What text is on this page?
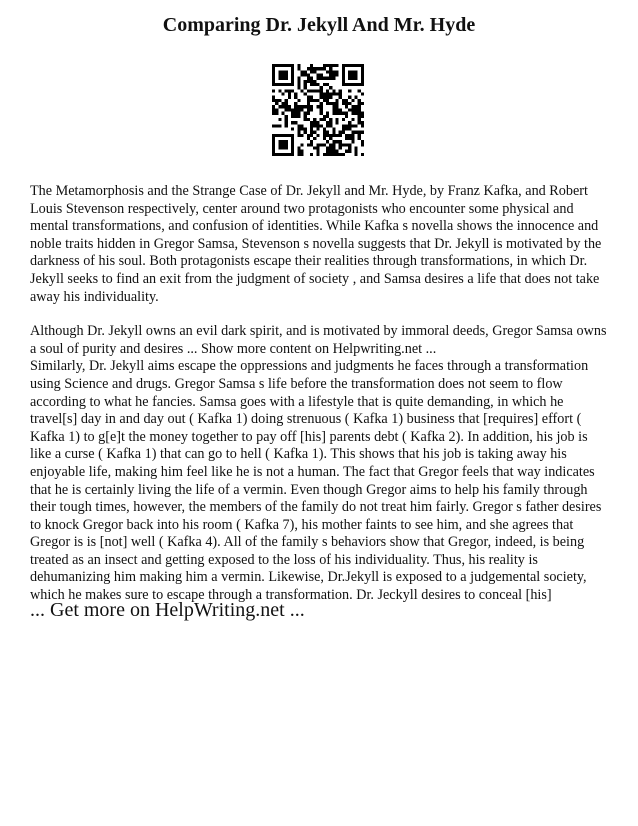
Comparing Dr. Jekyll And Mr. Hyde

The Metamorphosis and the Strange Case of Dr. Jekyll and Mr. Hyde, by Franz Kafka, and Robert Louis Stevenson respectively, center around two protagonists who encounter some physical and mental transformations, and confusion of identities. While Kafka s novella shows the innocence and noble traits hidden in Gregor Samsa, Stevenson s novella suggests that Dr. Jekyll is motivated by the darkness of his soul. Both protagonists escape their realities through transformations, in which Dr. Jekyll seeks to find an exit from the judgment of society , and Samsa desires a life that does not take away his individuality.

Although Dr. Jekyll owns an evil dark spirit, and is motivated by immoral deeds, Gregor Samsa owns a soul of purity and desires ... Show more content on Helpwriting.net ...

Similarly, Dr. Jekyll aims escape the oppressions and judgments he faces through a transformation using Science and drugs. Gregor Samsa s life before the transformation does not seem to flow according to what he fancies. Samsa goes with a lifestyle that is quite demanding, in which he travel[s] day in and day out ( Kafka 1) doing strenuous ( Kafka 1) business that [requires] effort ( Kafka 1) to g[e]t the money together to pay off [his] parents debt ( Kafka 2). In addition, his job is like a curse ( Kafka 1) that can go to hell ( Kafka 1). This shows that his job is taking away his enjoyable life, making him feel like he is not a human. The fact that Gregor feels that way indicates that he is certainly living the life of a vermin. Even though Gregor aims to help his family through their tough times, however, the members of the family do not treat him fairly. Gregor s father desires to knock Gregor back into his room ( Kafka 7), his mother faints to see him, and she agrees that Gregor is is [not] well ( Kafka 4). All of the family s behaviors show that Gregor, indeed, is being treated as an insect and getting exposed to the loss of his individuality. Thus, his reality is dehumanizing him making him a vermin. Likewise, Dr.Jekyll is exposed to a judgemental society, which he makes sure to escape through a transformation. Dr. Jeckyll desires to conceal [his]

... Get more on HelpWriting.net ...
